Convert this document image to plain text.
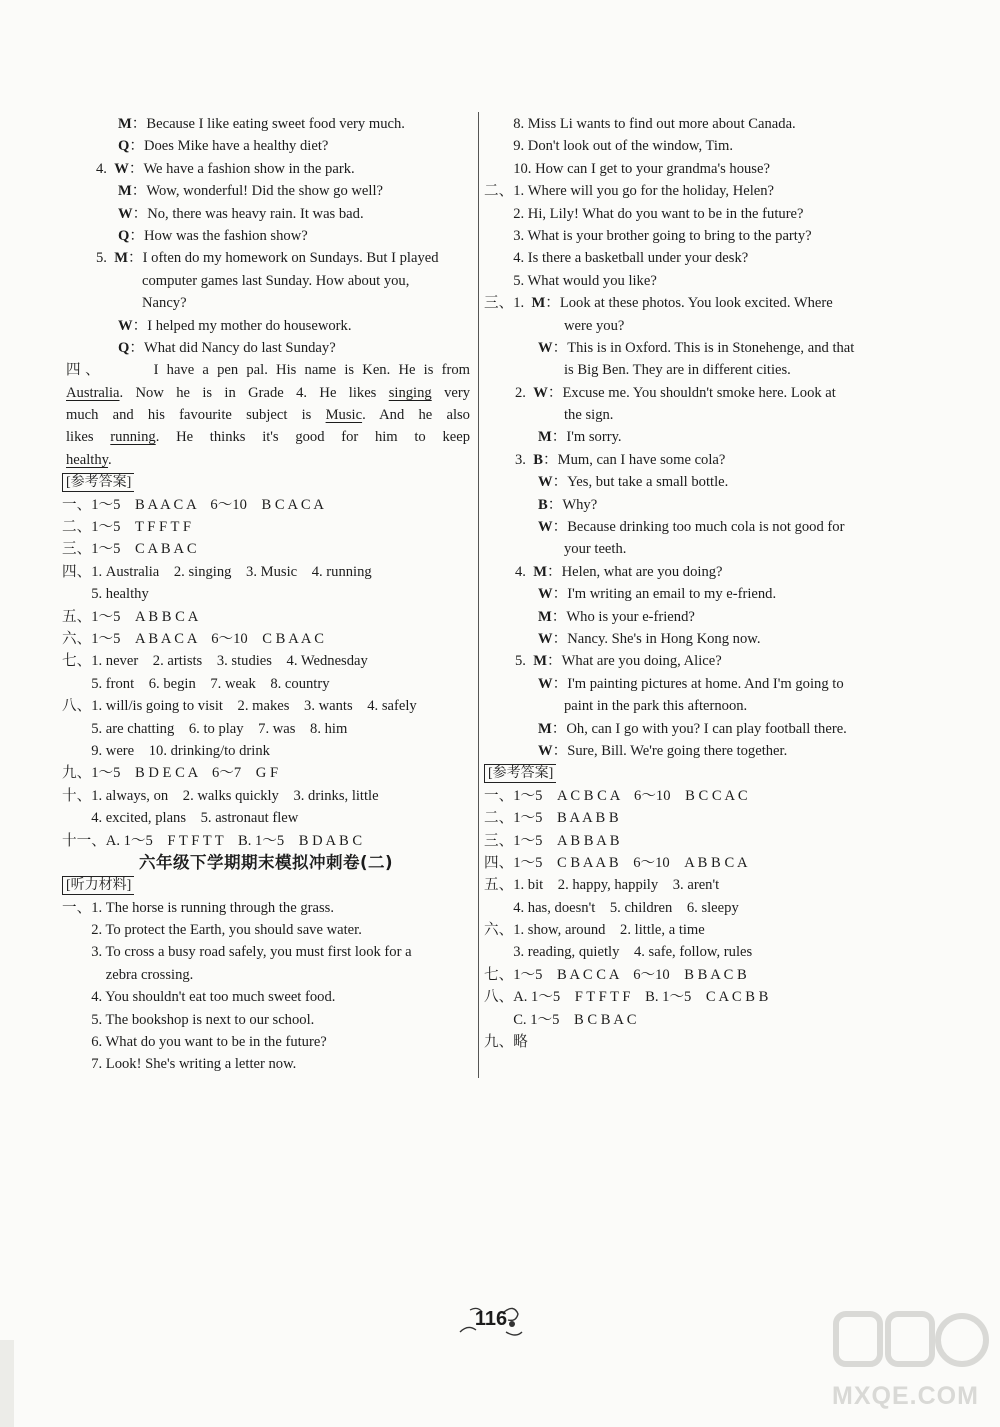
M：Because I like eating sweet food very much.
Q：Does Mike have a healthy diet?
4. W：We have a fashion show in the park.
M：Wow, wonderful! Did the show go well?
W：No, there was heavy rain. It was bad.
Q：How was the fashion show?
5. M：I often do my homework on Sundays. But I played
computer games last Sunday. How about you,
Nancy?
W：I helped my mother do housework.
Q：What did Nancy do last Sunday?
四、	I have a pen pal. His name is Ken. He is from
Australia. Now he is in Grade 4. He likes singing very
much and his favourite subject is Music. And he also
likes running. He thinks it's good for him to keep
healthy.
[参考答案]
一、1～5　B A A C A　6～10　B C A C A
二、1～5　T F F T F
三、1～5　C A B A C
四、1. Australia　2. singing　3. Music　4. running
　　5. healthy
五、1～5　A B B C A
六、1～5　A B A C A　6～10　C B A A C
七、1. never　2. artists　3. studies　4. Wednesday
　　5. front　6. begin　7. weak　8. country
八、1. will/is going to visit　2. makes　3. wants　4. safely
　　5. are chatting　6. to play　7. was　8. him
　　9. were　10. drinking/to drink
九、1～5　B D E C A　6～7　G F
十、1. always, on　2. walks quickly　3. drinks, little
　　4. excited, plans　5. astronaut flew
十一、A. 1～5　F T F T T　B. 1～5　B D A B C
六年级下学期期末模拟冲刺卷(二)
[听力材料]
一、1. The horse is running through the grass.
　　2. To protect the Earth, you should save water.
　　3. To cross a busy road safely, you must first look for a
　　　zebra crossing.
　　4. You shouldn't eat too much sweet food.
　　5. The bookshop is next to our school.
　　6. What do you want to be in the future?
　　7. Look! She's writing a letter now.
　　8. Miss Li wants to find out more about Canada.
　　9. Don't look out of the window, Tim.
　　10. How can I get to your grandma's house?
二、1. Where will you go for the holiday, Helen?
　　2. Hi, Lily! What do you want to be in the future?
　　3. What is your brother going to bring to the party?
　　4. Is there a basketball under your desk?
　　5. What would you like?
三、1. M：Look at these photos. You look excited. Where
were you?
W：This is in Oxford. This is in Stonehenge, and that
is Big Ben. They are in different cities.
2. W：Excuse me. You shouldn't smoke here. Look at
the sign.
M：I'm sorry.
3. B：Mum, can I have some cola?
W：Yes, but take a small bottle.
B：Why?
W：Because drinking too much cola is not good for
your teeth.
4. M：Helen, what are you doing?
W：I'm writing an email to my e-friend.
M：Who is your e-friend?
W：Nancy. She's in Hong Kong now.
5. M：What are you doing, Alice?
W：I'm painting pictures at home. And I'm going to
paint in the park this afternoon.
M：Oh, can I go with you? I can play football there.
W：Sure, Bill. We're going there together.
[参考答案]
一、1～5　A C B C A　6～10　B C C A C
二、1～5　B A A B B
三、1～5　A B B A B
四、1～5　C B A A B　6～10　A B B C A
五、1. bit　2. happy, happily　3. aren't
　　4. has, doesn't　5. children　6. sleepy
六、1. show, around　2. little, a time
　　3. reading, quietly　4. safe, follow, rules
七、1～5　B A C C A　6～10　B B A C B
八、A. 1～5　F T F T F　B. 1～5　C A C B B
　　C. 1～5　B C B A C
九、略
116
MXQE.COM
